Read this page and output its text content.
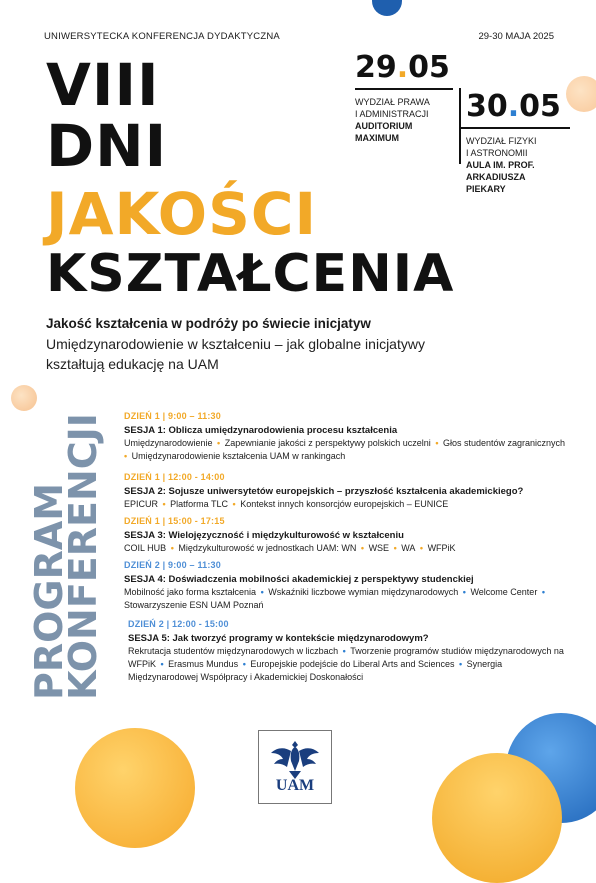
UNIWERSYTECKA KONFERENCJA DYDAKTYCZNA	29-30 MAJA 2025
VIII
DNI
JAKOŚCI
KSZTAŁCENIA
29.05
WYDZIAŁ PRAWA
I ADMINISTRACJI
AUDITORIUM
MAXIMUM
30.05
WYDZIAŁ FIZYKI
I ASTRONOMII
AULA IM. PROF.
ARKADIUSZA
PIEKARY
Jakość kształcenia w podróży po świecie inicjatyw
Umiędzynarodowienie w kształceniu – jak globalne inicjatywy
kształtują edukację na UAM
PROGRAM
KONFERENCJI DZIEŃ 1 | 9:00 – 11:30
SESJA 1: Oblicza umiędzynarodowienia procesu kształcenia
Umiędzynarodowienie • Zapewnianie jakości z perspektywy polskich uczelni • Głos studentów zagranicznych • Umiędzynarodowienie kształcenia UAM w rankingach
DZIEŃ 1 | 12:00 - 14:00
SESJA 2: Sojusze uniwersytetów europejskich – przyszłość kształcenia akademickiego?
EPICUR • Platforma TLC • Kontekst innych konsorcjów europejskich – EUNICE
DZIEŃ 1 | 15:00 - 17:15
SESJA 3: Wielojęzyczność i międzykulturowość w kształceniu
COIL HUB • Międzykulturowość w jednostkach UAM: WN • WSE • WA • WFPiK
DZIEŃ 2 | 9:00 – 11:30
SESJA 4: Doświadczenia mobilności akademickiej z perspektywy studenckiej
Mobilność jako forma kształcenia • Wskaźniki liczbowe wymian międzynarodowych • Welcome Center • Stowarzyszenie ESN UAM Poznań
DZIEŃ 2 | 12:00 - 15:00
SESJA 5: Jak tworzyć programy w kontekście międzynarodowym?
Rekrutacja studentów międzynarodowych w liczbach • Tworzenie programów studiów międzynarodowych na WFPiK • Erasmus Mundus • Europejskie podejście do Liberal Arts and Sciences • Synergia Międzynarodowej Współpracy i Akademickiej Doskonałości
UAM
